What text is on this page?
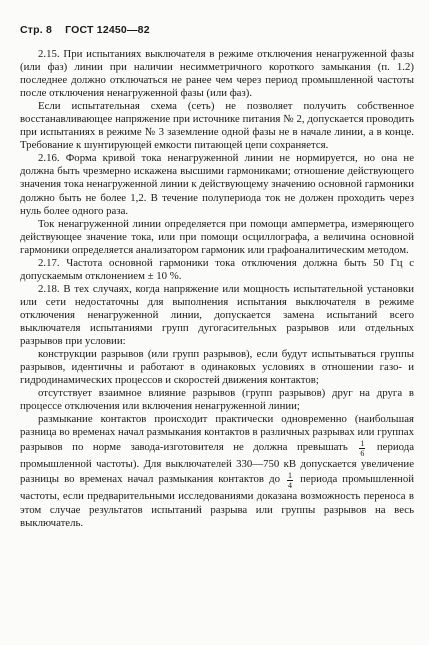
Стр. 8 ГОСТ 12450—82

2.15. При испытаниях выключателя в режиме отключения ненагруженной фазы (или фаз) линии при наличии несимметричного короткого замыкания (п. 1.2) последнее должно отключаться не ранее чем через период промышленной частоты после отключения ненагруженной фазы (или фаз).

Если испытательная схема (сеть) не позволяет получить собственное восстанавливающее напряжение при источнике питания № 2, допускается проводить при испытаниях в режиме № 3 заземление одной фазы не в начале линии, а в конце. Требование к шунтирующей емкости питающей цепи сохраняется.

2.16. Форма кривой тока ненагруженной линии не нормируется, но она не должна быть чрезмерно искажена высшими гармониками; отношение действующего значения тока ненагруженной линии к действующему значению основной гармоники должно быть не более 1,2. В течение полупериода ток не должен проходить через нуль более одного раза.

Ток ненагруженной линии определяется при помощи амперметра, измеряющего действующее значение тока, или при помощи осциллографа, а величина основной гармоники определяется анализатором гармоник или графоаналитическим методом.

2.17. Частота основной гармоники тока отключения должна быть 50 Гц с допускаемым отклонением ± 10 %.

2.18. В тех случаях, когда напряжение или мощность испытательной установки или сети недостаточны для выполнения испытания выключателя в режиме отключения ненагруженной линии, допускается замена испытаний всего выключателя испытаниями групп дугогасительных разрывов или отдельных разрывов при условии:

конструкции разрывов (или групп разрывов), если будут испытываться группы разрывов, идентичны и работают в одинаковых условиях в отношении газо- и гидродинамических процессов и скоростей движения контактов;

отсутствует взаимное влияние разрывов (групп разрывов) друг на друга в процессе отключения или включения ненагруженной линии;

размыкание контактов происходит практически одновременно (наибольшая разница во временах начал размыкания контактов в различных разрывах или группах разрывов по норме завода-изготовителя не должна превышать $\frac{1}{6}$ периода промышленной частоты). Для выключателей 330—750 кВ допускается увеличение разницы во временах начал размыкания контактов до $\frac{1}{4}$ периода промышленной частоты, если предварительными исследованиями доказана возможность переноса в этом случае результатов испытаний разрыва или группы разрывов на весь выключатель.
